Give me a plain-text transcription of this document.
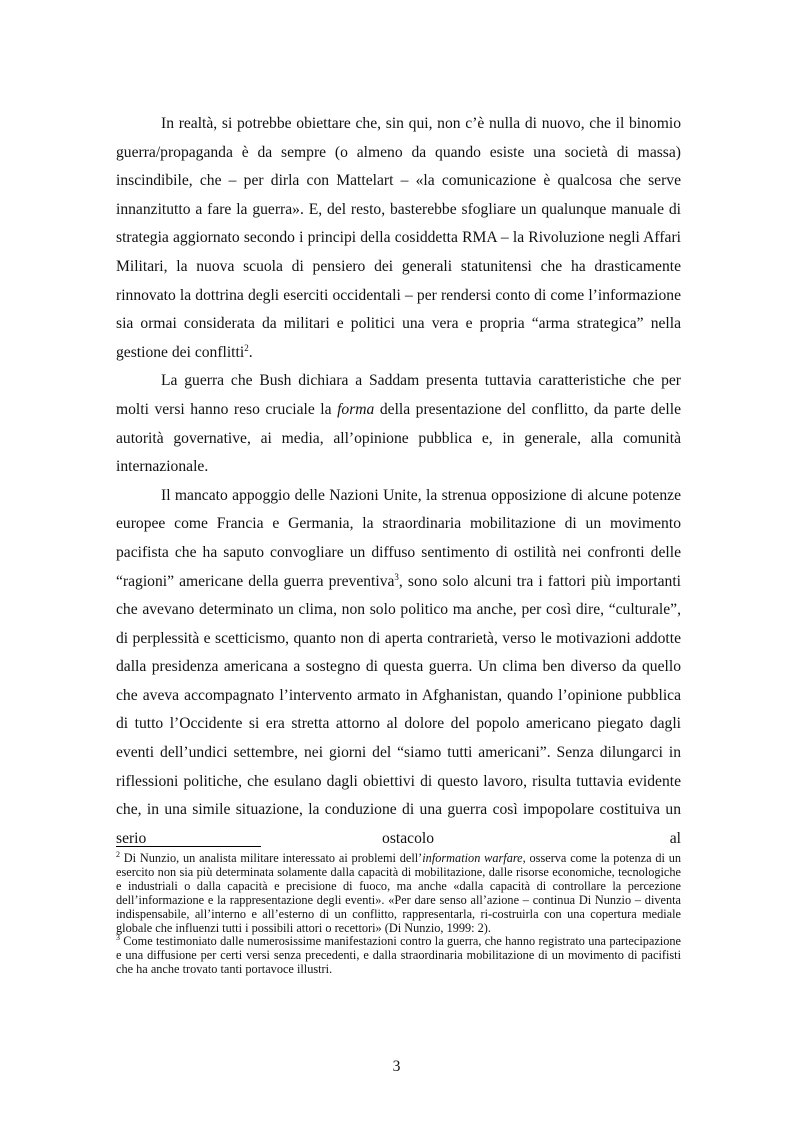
In realtà, si potrebbe obiettare che, sin qui, non c’è nulla di nuovo, che il binomio guerra/propaganda è da sempre (o almeno da quando esiste una società di massa) inscindibile, che – per dirla con Mattelart – «la comunicazione è qualcosa che serve innanzitutto a fare la guerra». E, del resto, basterebbe sfogliare un qualunque manuale di strategia aggiornato secondo i principi della cosiddetta RMA – la Rivoluzione negli Affari Militari, la nuova scuola di pensiero dei generali statunitensi che ha drasticamente rinnovato la dottrina degli eserciti occidentali – per rendersi conto di come l’informazione sia ormai considerata da militari e politici una vera e propria “arma strategica” nella gestione dei conflitti$^2$.

La guerra che Bush dichiara a Saddam presenta tuttavia caratteristiche che per molti versi hanno reso cruciale la forma della presentazione del conflitto, da parte delle autorità governative, ai media, all’opinione pubblica e, in generale, alla comunità internazionale.

Il mancato appoggio delle Nazioni Unite, la strenua opposizione di alcune potenze europee come Francia e Germania, la straordinaria mobilitazione di un movimento pacifista che ha saputo convogliare un diffuso sentimento di ostilità nei confronti delle “ragioni” americane della guerra preventiva$^3$, sono solo alcuni tra i fattori più importanti che avevano determinato un clima, non solo politico ma anche, per così dire, “culturale”, di perplessità e scetticismo, quanto non di aperta contrarietà, verso le motivazioni addotte dalla presidenza americana a sostegno di questa guerra. Un clima ben diverso da quello che aveva accompagnato l’intervento armato in Afghanistan, quando l’opinione pubblica di tutto l’Occidente si era stretta attorno al dolore del popolo americano piegato dagli eventi dell’undici settembre, nei giorni del “siamo tutti americani”. Senza dilungarci in riflessioni politiche, che esulano dagli obiettivi di questo lavoro, risulta tuttavia evidente che, in una simile situazione, la conduzione di una guerra così impopolare costituiva un serio ostacolo al

$^2$ Di Nunzio, un analista militare interessato ai problemi dell’information warfare, osserva come la potenza di un esercito non sia più determinata solamente dalla capacità di mobilitazione, dalle risorse economiche, tecnologiche e industriali o dalla capacità e precisione di fuoco, ma anche «dalla capacità di controllare la percezione dell’informazione e la rappresentazione degli eventi». «Per dare senso all’azione – continua Di Nunzio – diventa indispensabile, all’interno e all’esterno di un conflitto, rappresentarla, ri-costruirla con una copertura mediale globale che influenzi tutti i possibili attori o recettori» (Di Nunzio, 1999: 2).

$^3$ Come testimoniato dalle numerosissime manifestazioni contro la guerra, che hanno registrato una partecipazione e una diffusione per certi versi senza precedenti, e dalla straordinaria mobilitazione di un movimento di pacifisti che ha anche trovato tanti portavoce illustri.

3
